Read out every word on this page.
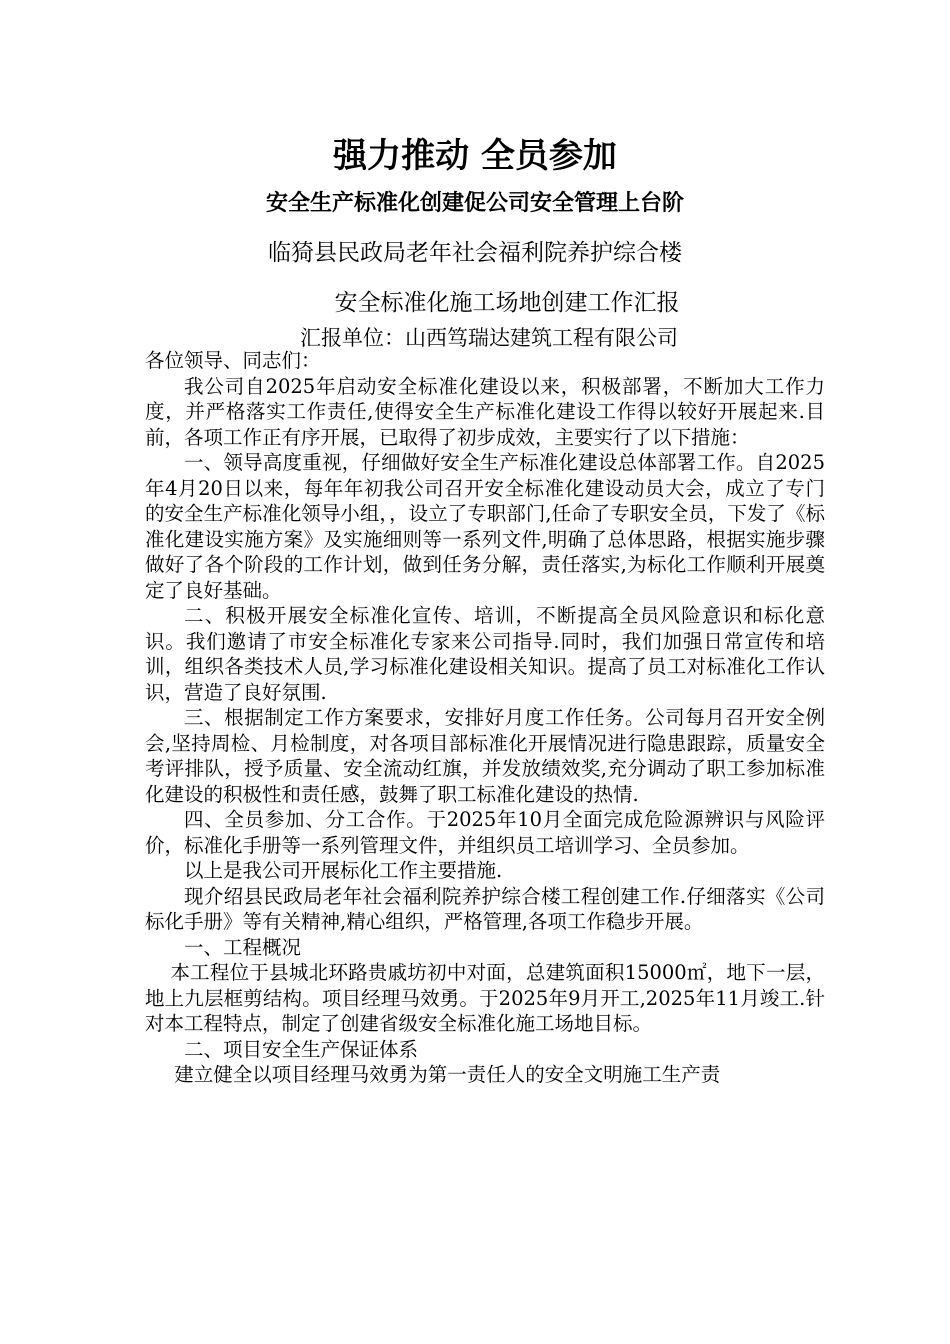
强力推动 全员参加
安全生产标准化创建促公司安全管理上台阶
临猗县民政局老年社会福利院养护综合楼
安全标准化施工场地创建工作汇报
汇报单位：山西笃瑞达建筑工程有限公司

各位领导、同志们：

我公司自2025年启动安全标准化建设以来，积极部署，不断加大工作力度，并严格落实工作责任,使得安全生产标准化建设工作得以较好开展起来.目前，各项工作正有序开展，已取得了初步成效，主要实行了以下措施：

一、领导高度重视，仔细做好安全生产标准化建设总体部署工作。自2025年4月20日以来，每年年初我公司召开安全标准化建设动员大会，成立了专门的安全生产标准化领导小组，，设立了专职部门,任命了专职安全员，下发了《标准化建设实施方案》及实施细则等一系列文件,明确了总体思路，根据实施步骤做好了各个阶段的工作计划，做到任务分解，责任落实,为标化工作顺利开展奠定了良好基础。

二、积极开展安全标准化宣传、培训，不断提高全员风险意识和标化意识。我们邀请了市安全标准化专家来公司指导.同时，我们加强日常宣传和培训，组织各类技术人员,学习标准化建设相关知识。提高了员工对标准化工作认识，营造了良好氛围.

三、根据制定工作方案要求，安排好月度工作任务。公司每月召开安全例会,坚持周检、月检制度，对各项目部标准化开展情况进行隐患跟踪，质量安全考评排队，授予质量、安全流动红旗，并发放绩效奖,充分调动了职工参加标准化建设的积极性和责任感，鼓舞了职工标准化建设的热情.

四、全员参加、分工合作。于2025年10月全面完成危险源辨识与风险评价，标准化手册等一系列管理文件，并组织员工培训学习、全员参加。

以上是我公司开展标化工作主要措施.

现介绍县民政局老年社会福利院养护综合楼工程创建工作.仔细落实《公司标化手册》等有关精神,精心组织，严格管理,各项工作稳步开展。

一、工程概况

本工程位于县城北环路贵戚坊初中对面，总建筑面积15000㎡，地下一层，地上九层框剪结构。项目经理马效勇。于2025年9月开工,2025年11月竣工.针对本工程特点，制定了创建省级安全标准化施工场地目标。

二、项目安全生产保证体系

建立健全以项目经理马效勇为第一责任人的安全文明施工生产责
